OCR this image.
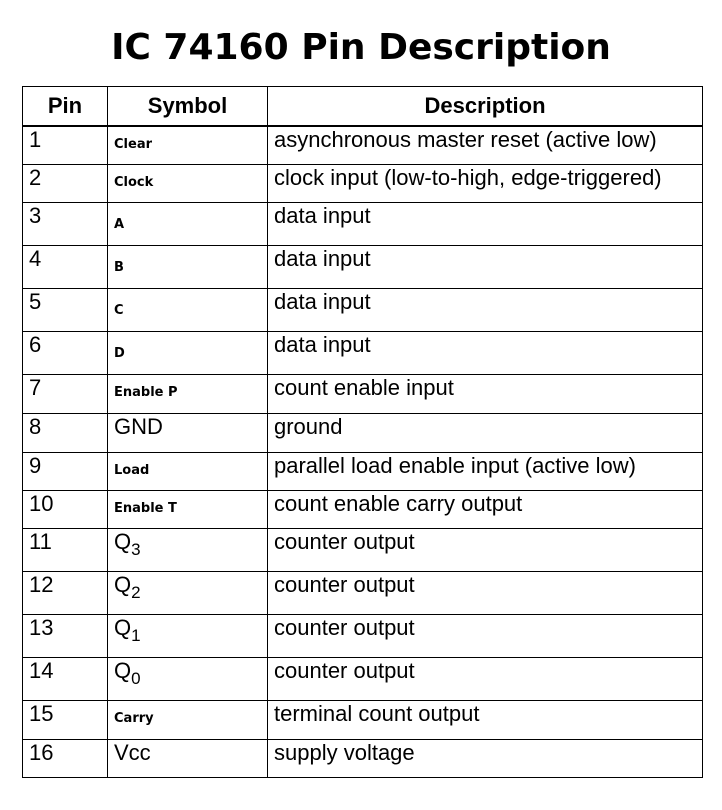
IC 74160 Pin Description
Pin	Symbol	Description
1	$_{Clear}$	asynchronous master reset (active low)
2	$_{Clock}$	clock input (low-to-high, edge-triggered)
3	$_A$	data input
4	$_B$	data input
5	$_C$	data input
6	$_D$	data input
7	$_{Enable P}$	count enable input
8	GND	ground
9	$_{Load}$	parallel load enable input (active low)
10	$_{Enable T}$	count enable carry output
11	$Q_3$	counter output
12	$Q_2$	counter output
13	$Q_1$	counter output
14	$Q_0$	counter output
15	$_{Carry}$	terminal count output
16	Vcc	supply voltage
